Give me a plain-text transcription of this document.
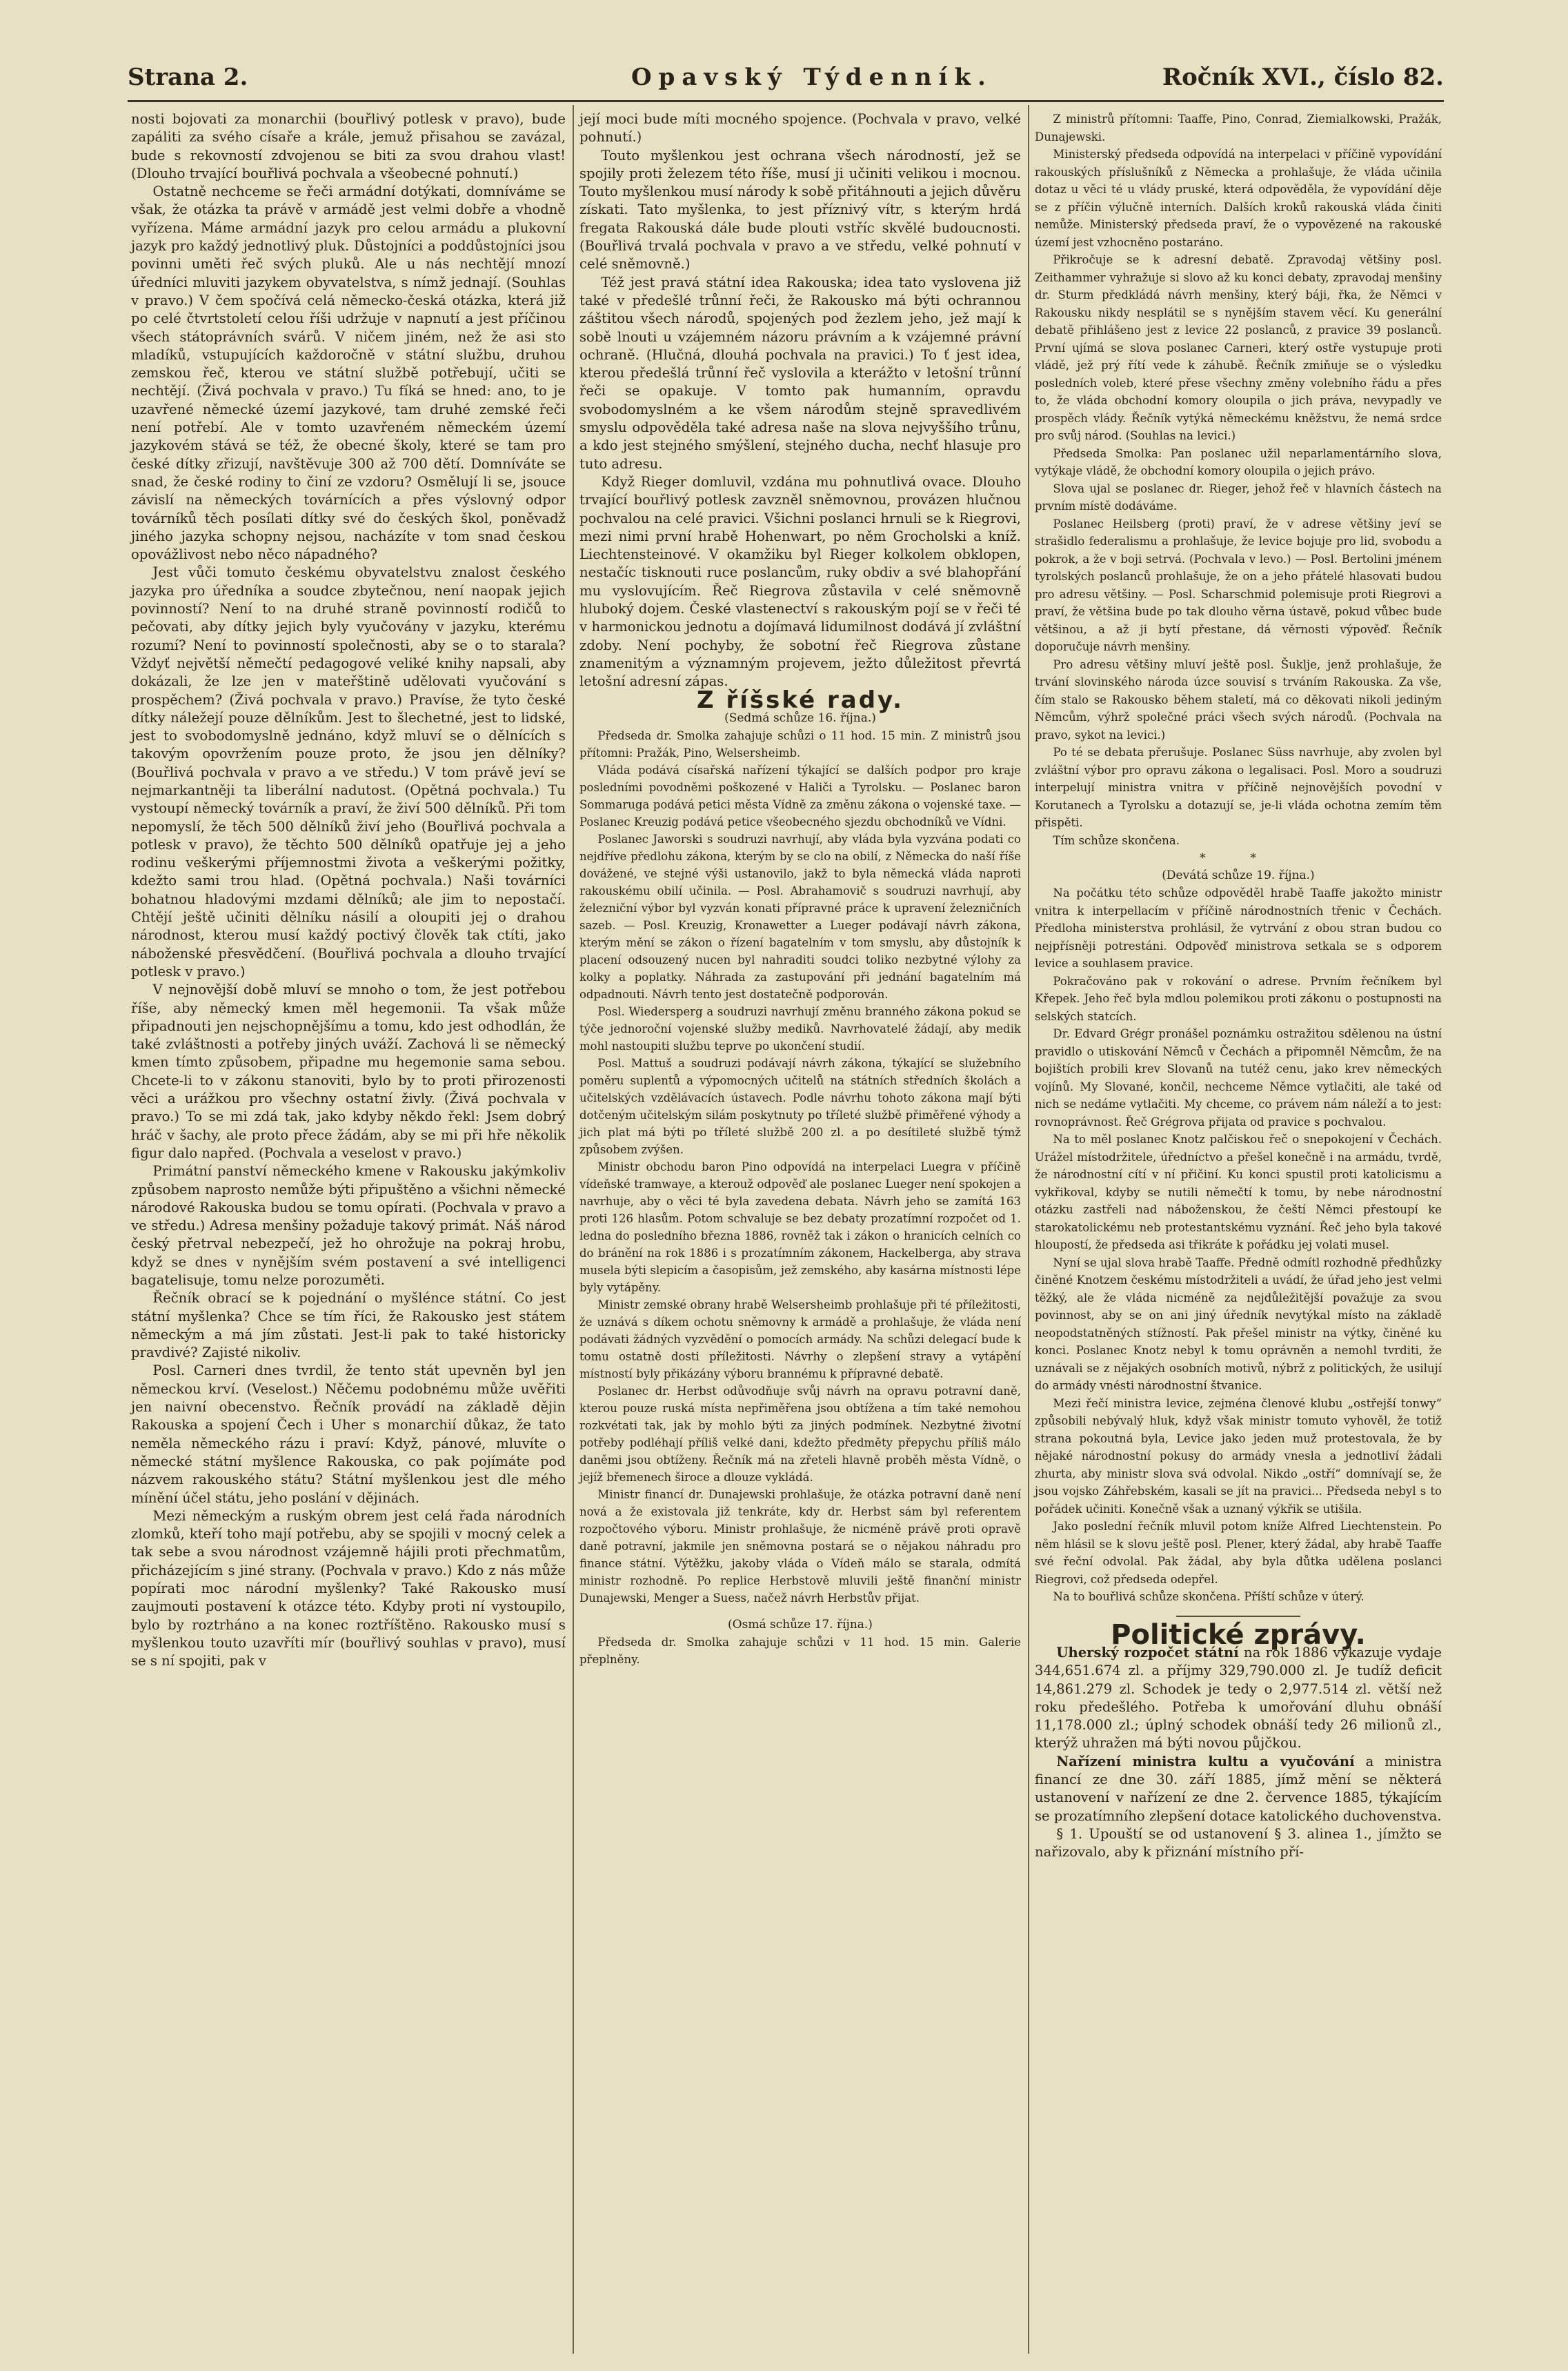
Strana 2.	Opavský Týdenník.	Ročník XVI., číslo 82.

nosti bojovati za monarchii (bouřlivý potlesk v pravo), bude zapáliti za svého císaře a krále, jemuž přisahou se zavázal, bude s rekovností zdvojenou se biti za svou drahou vlast! (Dlouho trvající bouřlivá pochvala a všeobecné pohnutí.)

Ostatně nechceme se řeči armádní dotýkati, domníváme se však, že otázka ta právě v armádě jest velmi dobře a vhodně vyřízena. Máme armádní jazyk pro celou armádu a plukovní jazyk pro každý jednotlivý pluk. Důstojníci a poddůstojníci jsou povinni uměti řeč svých pluků. Ale u nás nechtějí mnozí úředníci mluviti jazykem obyvatelstva, s nímž jednají. (Souhlas v pravo.) V čem spočívá celá německo-česká otázka, která již po celé čtvrtstoletí celou říši udržuje v napnutí a jest příčinou všech státoprávních svárů. V ničem jiném, než že asi sto mladíků, vstupujících každoročně v státní službu, druhou zemskou řeč, kterou ve státní službě potřebují, učiti se nechtějí. (Živá pochvala v pravo.) Tu fíká se hned: ano, to je uzavřené německé území jazykové, tam druhé zemské řeči není potřebí. Ale v tomto uzavřeném německém území jazykovém stává se též, že obecné školy, které se tam pro české dítky zřizují, navštěvuje 300 až 700 dětí. Domníváte se snad, že české rodiny to činí ze vzdoru? Osmělují li se, jsouce závislí na německých továrnících a přes výslovný odpor továrníků těch posílati dítky své do českých škol, poněvadž jiného jazyka schopny nejsou, nacházíte v tom snad českou opovážlivost nebo něco nápadného?

Jest vůči tomuto českému obyvatelstvu znalost českého jazyka pro úředníka a soudce zbytečnou, není naopak jejich povinností? Není to na druhé straně povinností rodičů to pečovati, aby dítky jejich byly vyučovány v jazyku, kterému rozumí? Není to povinností společnosti, aby se o to starala? Vždyť největší němečtí pedagogové veliké knihy napsali, aby dokázali, že lze jen v mateřštině udělovati vyučování s prospěchem? (Živá pochvala v pravo.) Pravíse, že tyto české dítky náležejí pouze dělníkům. Jest to šlechetné, jest to lidské, jest to svobodomyslně jednáno, když mluví se o dělnících s takovým opovržením pouze proto, že jsou jen dělníky? (Bouřlivá pochvala v pravo a ve středu.) V tom právě jeví se nejmarkantněji ta liberální nadutost. (Opětná pochvala.) Tu vystoupí německý továrník a praví, že živí 500 dělníků. Při tom nepomyslí, že těch 500 dělníků živí jeho (Bouřlivá pochvala a potlesk v pravo), že těchto 500 dělníků opatřuje jej a jeho rodinu veškerými příjemnostmi života a veškerými požitky, kdežto sami trou hlad. (Opětná pochvala.) Naši továrníci bohatnou hladovými mzdami dělníků; ale jim to nepostačí. Chtějí ještě učiniti dělníku násilí a oloupiti jej o drahou národnost, kterou musí každý poctivý člověk tak ctíti, jako náboženské přesvědčení. (Bouřlivá pochvala a dlouho trvající potlesk v pravo.)

V nejnovější době mluví se mnoho o tom, že jest potřebou říše, aby německý kmen měl hegemonii. Ta však může připadnouti jen nejschopnějšímu a tomu, kdo jest odhodlán, že také zvláštnosti a potřeby jiných uváží. Zachová li se německý kmen tímto způsobem, připadne mu hegemonie sama sebou. Chcete-li to v zákonu stanoviti, bylo by to proti přirozenosti věci a urážkou pro všechny ostatní živly. (Živá pochvala v pravo.) To se mi zdá tak, jako kdyby někdo řekl: Jsem dobrý hráč v šachy, ale proto přece žádám, aby se mi při hře několik figur dalo napřed. (Pochvala a veselost v pravo.)

Primátní panství německého kmene v Rakousku jakýmkoliv způsobem naprosto nemůže býti připuštěno a všichni německé národové Rakouska budou se tomu opírati. (Pochvala v pravo a ve středu.) Adresa menšiny požaduje takový primát. Náš národ český přetrval nebezpečí, jež ho ohrožuje na pokraj hrobu, když se dnes v nynějším svém postavení a své intelligenci bagatelisuje, tomu nelze porozuměti.

Řečník obrací se k pojednání o myšlénce státní. Co jest státní myšlenka? Chce se tím říci, že Rakousko jest státem německým a má jím zůstati. Jest-li pak to také historicky pravdivé? Zajisté nikoliv.

Posl. Carneri dnes tvrdil, že tento stát upevněn byl jen německou krví. (Veselost.) Něčemu podobnému může uvěřiti jen naivní obecenstvo. Řečník provádí na základě dějin Rakouska a spojení Čech i Uher s monarchií důkaz, že tato neměla německého rázu i praví: Když, pánové, mluvíte o německé státní myšlence Rakouska, co pak pojímáte pod názvem rakouského státu? Státní myšlenkou jest dle mého mínění účel státu, jeho poslání v dějinách.

Mezi německým a ruským obrem jest celá řada národních zlomků, kteří toho mají potřebu, aby se spojili v mocný celek a tak sebe a svou národnost vzájemně hájili proti přechmatům, přicházejícím s jiné strany. (Pochvala v pravo.) Kdo z nás může popírati moc národní myšlenky? Také Rakousko musí zaujmouti postavení k otázce této. Kdyby proti ní vystoupilo, bylo by roztrháno a na konec roztříštěno. Rakousko musí s myšlenkou touto uzavříti mír (bouřlivý souhlas v pravo), musí se s ní spojiti, pak v

její moci bude míti mocného spojence. (Pochvala v pravo, velké pohnutí.)

Touto myšlenkou jest ochrana všech národností, jež se spojily proti železem této říše, musí ji učiniti velikou i mocnou. Touto myšlenkou musí národy k sobě přitáhnouti a jejich důvěru získati. Tato myšlenka, to jest příznivý vítr, s kterým hrdá fregata Rakouská dále bude plouti vstříc skvělé budoucnosti. (Bouřlivá trvalá pochvala v pravo a ve středu, velké pohnutí v celé sněmovně.)

Též jest pravá státní idea Rakouska; idea tato vyslovena již také v předešlé trůnní řeči, že Rakousko má býti ochrannou záštitou všech národů, spojených pod žezlem jeho, jež mají k sobě lnouti u vzájemném názoru právním a k vzájemné právní ochraně. (Hlučná, dlouhá pochvala na pravici.) To ť jest idea, kterou předešlá trůnní řeč vyslovila a kterážto v letošní trůnní řeči se opakuje. V tomto pak humanním, opravdu svobodomyslném a ke všem národům stejně spravedlivém smyslu odpověděla také adresa naše na slova nejvyššího trůnu, a kdo jest stejného smýšlení, stejného ducha, nechť hlasuje pro tuto adresu.

Když Rieger domluvil, vzdána mu pohnutlivá ovace. Dlouho trvající bouřlivý potlesk zavzněl sněmovnou, provázen hlučnou pochvalou na celé pravici. Všichni poslanci hrnuli se k Riegrovi, mezi nimi první hrabě Hohenwart, po něm Grocholski a kníž. Liechtensteinové. V okamžiku byl Rieger kolkolem obklopen, nestačíc tisknouti ruce poslancům, ruky obdiv a své blahopřání mu vyslovujícím. Řeč Riegrova zůstavila v celé sněmovně hluboký dojem. České vlastenectví s rakouským pojí se v řeči té v harmonickou jednotu a dojímavá lidumilnost dodává jí zvláštní zdoby. Není pochyby, že sobotní řeč Riegrova zůstane znamenitým a významným projevem, ježto důležitost převrtá letošní adresní zápas.

Z říšské rady.

(Sedmá schůze 16. října.)

Předseda dr. Smolka zahajuje schůzi o 11 hod. 15 min. Z ministrů jsou přítomni: Pražák, Pino, Welsersheimb.

Vláda podává císařská nařízení týkající se dalších podpor pro kraje posledními povodněmi poškozené v Haliči a Tyrolsku. — Poslanec baron Sommaruga podává petici města Vídně za změnu zákona o vojenské taxe. — Poslanec Kreuzig podává petice všeobecného sjezdu obchodníků ve Vídni.

Poslanec Jaworski s soudruzi navrhují, aby vláda byla vyzvána podati co nejdříve předlohu zákona, kterým by se clo na obilí, z Německa do naší říše dovážené, ve stejné výši ustanovilo, jakž to byla německá vláda naproti rakouskému obilí učinila. — Posl. Abrahamovič s soudruzi navrhují, aby železniční výbor byl vyzván konati přípravné práce k upravení železničních sazeb. — Posl. Kreuzig, Kronawetter a Lueger podávají návrh zákona, kterým mění se zákon o řízení bagatelním v tom smyslu, aby důstojník k placení odsouzený nucen byl nahraditi soudci toliko nezbytné výlohy za kolky a poplatky. Náhrada za zastupování při jednání bagatelním má odpadnouti. Návrh tento jest dostatečně podporován.

Posl. Wiedersperg a soudruzi navrhují změnu branného zákona pokud se týče jednoroční vojenské služby mediků. Navrhovatelé žádají, aby medik mohl nastoupiti službu teprve po ukončení studií.

Posl. Mattuš a soudruzi podávají návrh zákona, týkající se služebního poměru suplentů a výpomocných učitelů na státních středních školách a učitelských vzdělávacích ústavech. Podle návrhu tohoto zákona mají býti dotčeným učitelským silám poskytnuty po tříleté službě přiměřené výhody a jich plat má býti po tříleté službě 200 zl. a po desítileté službě týmž způsobem zvýšen.

Ministr obchodu baron Pino odpovídá na interpelaci Luegra v příčině vídeňské tramwaye, a kterouž odpověď ale poslanec Lueger není spokojen a navrhuje, aby o věci té byla zavedena debata. Návrh jeho se zamítá 163 proti 126 hlasům. Potom schvaluje se bez debaty prozatímní rozpočet od 1. ledna do posledního března 1886, rovněž tak i zákon o hranicích celních co do bránění na rok 1886 i s prozatímním zákonem, Hackelberga, aby strava musela býti slepicím a časopisům, jež zemského, aby kasárna místnosti lépe byly vytápěny.

Ministr zemské obrany hrabě Welsersheimb prohlašuje při té příležitosti, že uznává s díkem ochotu sněmovny k armádě a prohlašuje, že vláda není podávati žádných vyzvědění o pomocích armády. Na schůzi delegací bude k tomu ostatně dosti příležitosti. Návrhy o zlepšení stravy a vytápění místností byly přikázány výboru brannému k přípravné debatě.

Poslanec dr. Herbst odůvodňuje svůj návrh na opravu potravní daně, kterou pouze ruská místa nepřiměřena jsou obtížena a tím také nemohou rozkvétati tak, jak by mohlo býti za jiných podmínek. Nezbytné životní potřeby podléhají příliš velké dani, kdežto předměty přepychu příliš málo daněmi jsou obtíženy. Řečník má na zřeteli hlavně proběh města Vídně, o jejíž břemenech široce a dlouze vykládá.

Ministr financí dr. Dunajewski prohlašuje, že otázka potravní daně není nová a že existovala již tenkráte, kdy dr. Herbst sám byl referentem rozpočtového výboru. Ministr prohlašuje, že nicméně právě proti opravě daně potravní, jakmile jen sněmovna postará se o nějakou náhradu pro finance státní. Výtěžku, jakoby vláda o Vídeň málo se starala, odmítá ministr rozhodně. Po replice Herbstově mluvili ještě finanční ministr Dunajewski, Menger a Suess, načež návrh Herbstův přijat.

(Osmá schůze 17. října.)

Předseda dr. Smolka zahajuje schůzi v 11 hod. 15 min. Galerie přeplněny.

Z ministrů přítomni: Taaffe, Pino, Conrad, Ziemialkowski, Pražák, Dunajewski.

Ministerský předseda odpovídá na interpelaci v příčině vypovídání rakouských příslušníků z Německa a prohlašuje, že vláda učinila dotaz u věci té u vlády pruské, která odpověděla, že vypovídání děje se z příčin výlučně interních. Dalších kroků rakouská vláda činiti nemůže. Ministerský předseda praví, že o vypovězené na rakouské území jest vzhocněno postaráno.

Přikročuje se k adresní debatě. Zpravodaj většiny posl. Zeithammer vyhražuje si slovo až ku konci debaty, zpravodaj menšiny dr. Sturm předkládá návrh menšiny, který báji, řka, že Němci v Rakousku nikdy nesplátil se s nynějším stavem věcí. Ku generální debatě přihlášeno jest z levice 22 poslanců, z pravice 39 poslanců. První ujímá se slova poslanec Carneri, který ostře vystupuje proti vládě, jež prý řítí vede k záhubě. Řečník zmiňuje se o výsledku posledních voleb, které přese všechny změny volebního řádu a přes to, že vláda obchodní komory oloupila o jich práva, nevypadly ve prospěch vlády. Řečník vytýká německému kněžstvu, že nemá srdce pro svůj národ. (Souhlas na levici.)

Předseda Smolka: Pan poslanec užil neparlamentárního slova, vytýkaje vládě, že obchodní komory oloupila o jejich právo.

Slova ujal se poslanec dr. Rieger, jehož řeč v hlavních částech na prvním místě dodáváme.

Poslanec Heilsberg (proti) praví, že v adrese většiny jeví se strašidlo federalismu a prohlašuje, že levice bojuje pro lid, svobodu a pokrok, a že v boji setrvá. (Pochvala v levo.) — Posl. Bertolini jménem tyrolských poslanců prohlašuje, že on a jeho přátelé hlasovati budou pro adresu většiny. — Posl. Scharschmid polemisuje proti Riegrovi a praví, že většina bude po tak dlouho věrna ústavě, pokud vůbec bude většinou, a až ji bytí přestane, dá věrnosti výpověď. Řečník doporučuje návrh menšiny.

Pro adresu většiny mluví ještě posl. Šuklje, jenž prohlašuje, že trvání slovinského národa úzce souvisí s trváním Rakouska. Za vše, čím stalo se Rakousko během staletí, má co děkovati nikoli jediným Němcům, výhrž společné práci všech svých národů. (Pochvala na pravo, sykot na levici.)

Po té se debata přerušuje. Poslanec Süss navrhuje, aby zvolen byl zvláštní výbor pro opravu zákona o legalisaci. Posl. Moro a soudruzi interpelují ministra vnitra v příčině nejnovějších povodní v Korutanech a Tyrolsku a dotazují se, je-li vláda ochotna zemím těm přispěti.

Tím schůze skončena.

* *

(Devátá schůze 19. října.)

Na počátku této schůze odpověděl hrabě Taaffe jakožto ministr vnitra k interpellacím v příčině národnostních třenic v Čechách. Předloha ministerstva prohlásil, že vytrvání z obou stran budou co nejpřísněji potrestáni. Odpověď ministrova setkala se s odporem levice a souhlasem pravice.

Pokračováno pak v rokování o adrese. Prvním řečníkem byl Křepek. Jeho řeč byla mdlou polemikou proti zákonu o postupnosti na selských statcích.

Dr. Edvard Grégr pronášel poznámku ostražitou sdělenou na ústní pravidlo o utiskování Němců v Čechách a připomněl Němcům, že na bojištích probili krev Slovanů na tutéž cenu, jako krev německých vojínů. My Slované, končil, nechceme Němce vytlačiti, ale také od nich se nedáme vytlačiti. My chceme, co právem nám náleží a to jest: rovnoprávnost. Řeč Grégrova přijata od pravice s pochvalou.

Na to měl poslanec Knotz palčiskou řeč o snepokojení v Čechách. Urážel místodržitele, úředníctvo a přešel konečně i na armádu, tvrdě, že národnostní cítí v ní přičiní. Ku konci spustil proti katolicismu a vykřikoval, kdyby se nutili němečtí k tomu, by nebe národnostní otázku zastřeli nad náboženskou, že čeští Němci přestoupí ke starokatolickému neb protestantskému vyznání. Řeč jeho byla takové hloupostí, že předseda asi třikráte k pořádku jej volati musel.

Nyní se ujal slova hrabě Taaffe. Předně odmítl rozhodně předhůzky činěné Knotzem českému místodržiteli a uvádí, že úřad jeho jest velmi těžký, ale že vláda nicméně za nejdůležitější považuje za svou povinnost, aby se on ani jiný úředník nevytýkal místo na základě neopodstatněných stížností. Pak přešel ministr na výtky, činěné ku konci. Poslanec Knotz nebyl k tomu oprávněn a nemohl tvrditi, že uznávali se z nějakých osobních motivů, nýbrž z politických, že usilují do armády vnésti národnostní štvanice.

Mezi řečí ministra levice, zejména členové klubu „ostřejší tonwy“ způsobili nebývalý hluk, když však ministr tomuto vyhověl, že totiž strana pokoutná byla, Levice jako jeden muž protestovala, že by nějaké národnostní pokusy do armády vnesla a jednotliví žádali zhurta, aby ministr slova svá odvolal. Nikdo „ostří“ domnívají se, že jsou vojsko Záhřebském, kasali se jít na pravici... Předseda nebyl s to pořádek učiniti. Konečně však a uznaný výkřik se utišila.

Jako poslední řečník mluvil potom kníže Alfred Liechtenstein. Po něm hlásil se k slovu ještě posl. Plener, který žádal, aby hrabě Taaffe své řeční odvolal. Pak žádal, aby byla důtka udělena poslanci Riegrovi, což předseda odepřel.

Na to bouřlivá schůze skončena. Příští schůze v úterý.

Politické zprávy.

Uherský rozpočet státní na rok 1886 vykazuje vydaje 344,651.674 zl. a příjmy 329,790.000 zl. Je tudíž deficit 14,861.279 zl. Schodek je tedy o 2,977.514 zl. větší než roku předešlého. Potřeba k umořování dluhu obnáší 11,178.000 zl.; úplný schodek obnáší tedy 26 milionů zl., kterýž uhražen má býti novou půjčkou.

Nařízení ministra kultu a vyučování a ministra financí ze dne 30. září 1885, jímž mění se některá ustanovení v nařízení ze dne 2. července 1885, týkajícím se prozatímního zlepšení dotace katolického duchovenstva.

§ 1. Upouští se od ustanovení § 3. alinea 1., jímžto se nařizovalo, aby k přiznání místního pří-
